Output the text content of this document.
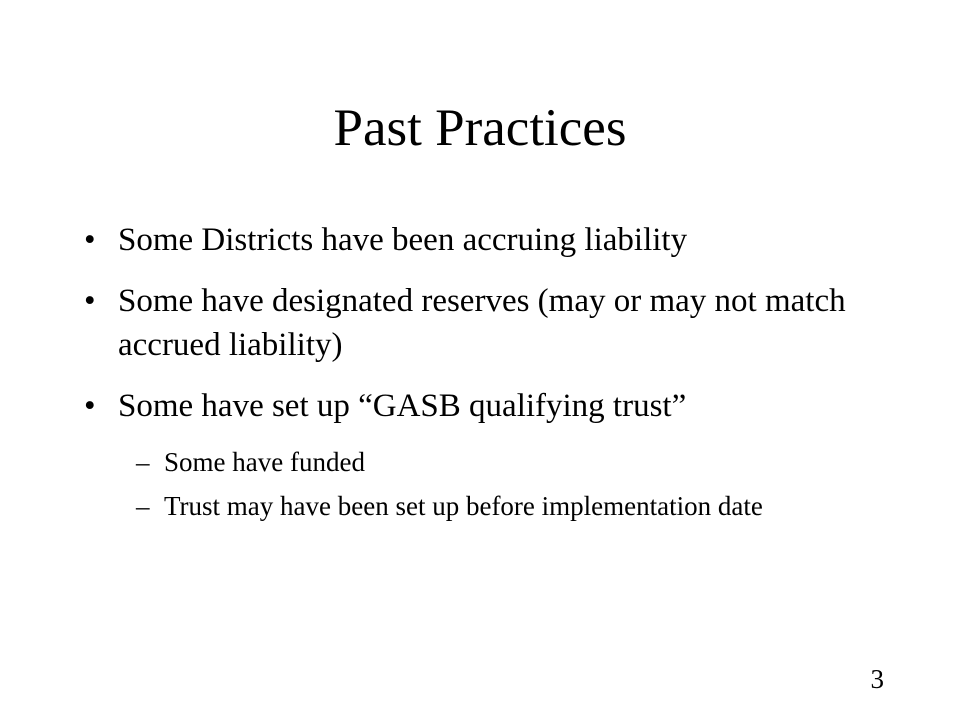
Past Practices
• Some Districts have been accruing liability
• Some have designated reserves (may or may not match accrued liability)
• Some have set up “GASB qualifying trust”
– Some have funded
– Trust may have been set up before implementation date
3
